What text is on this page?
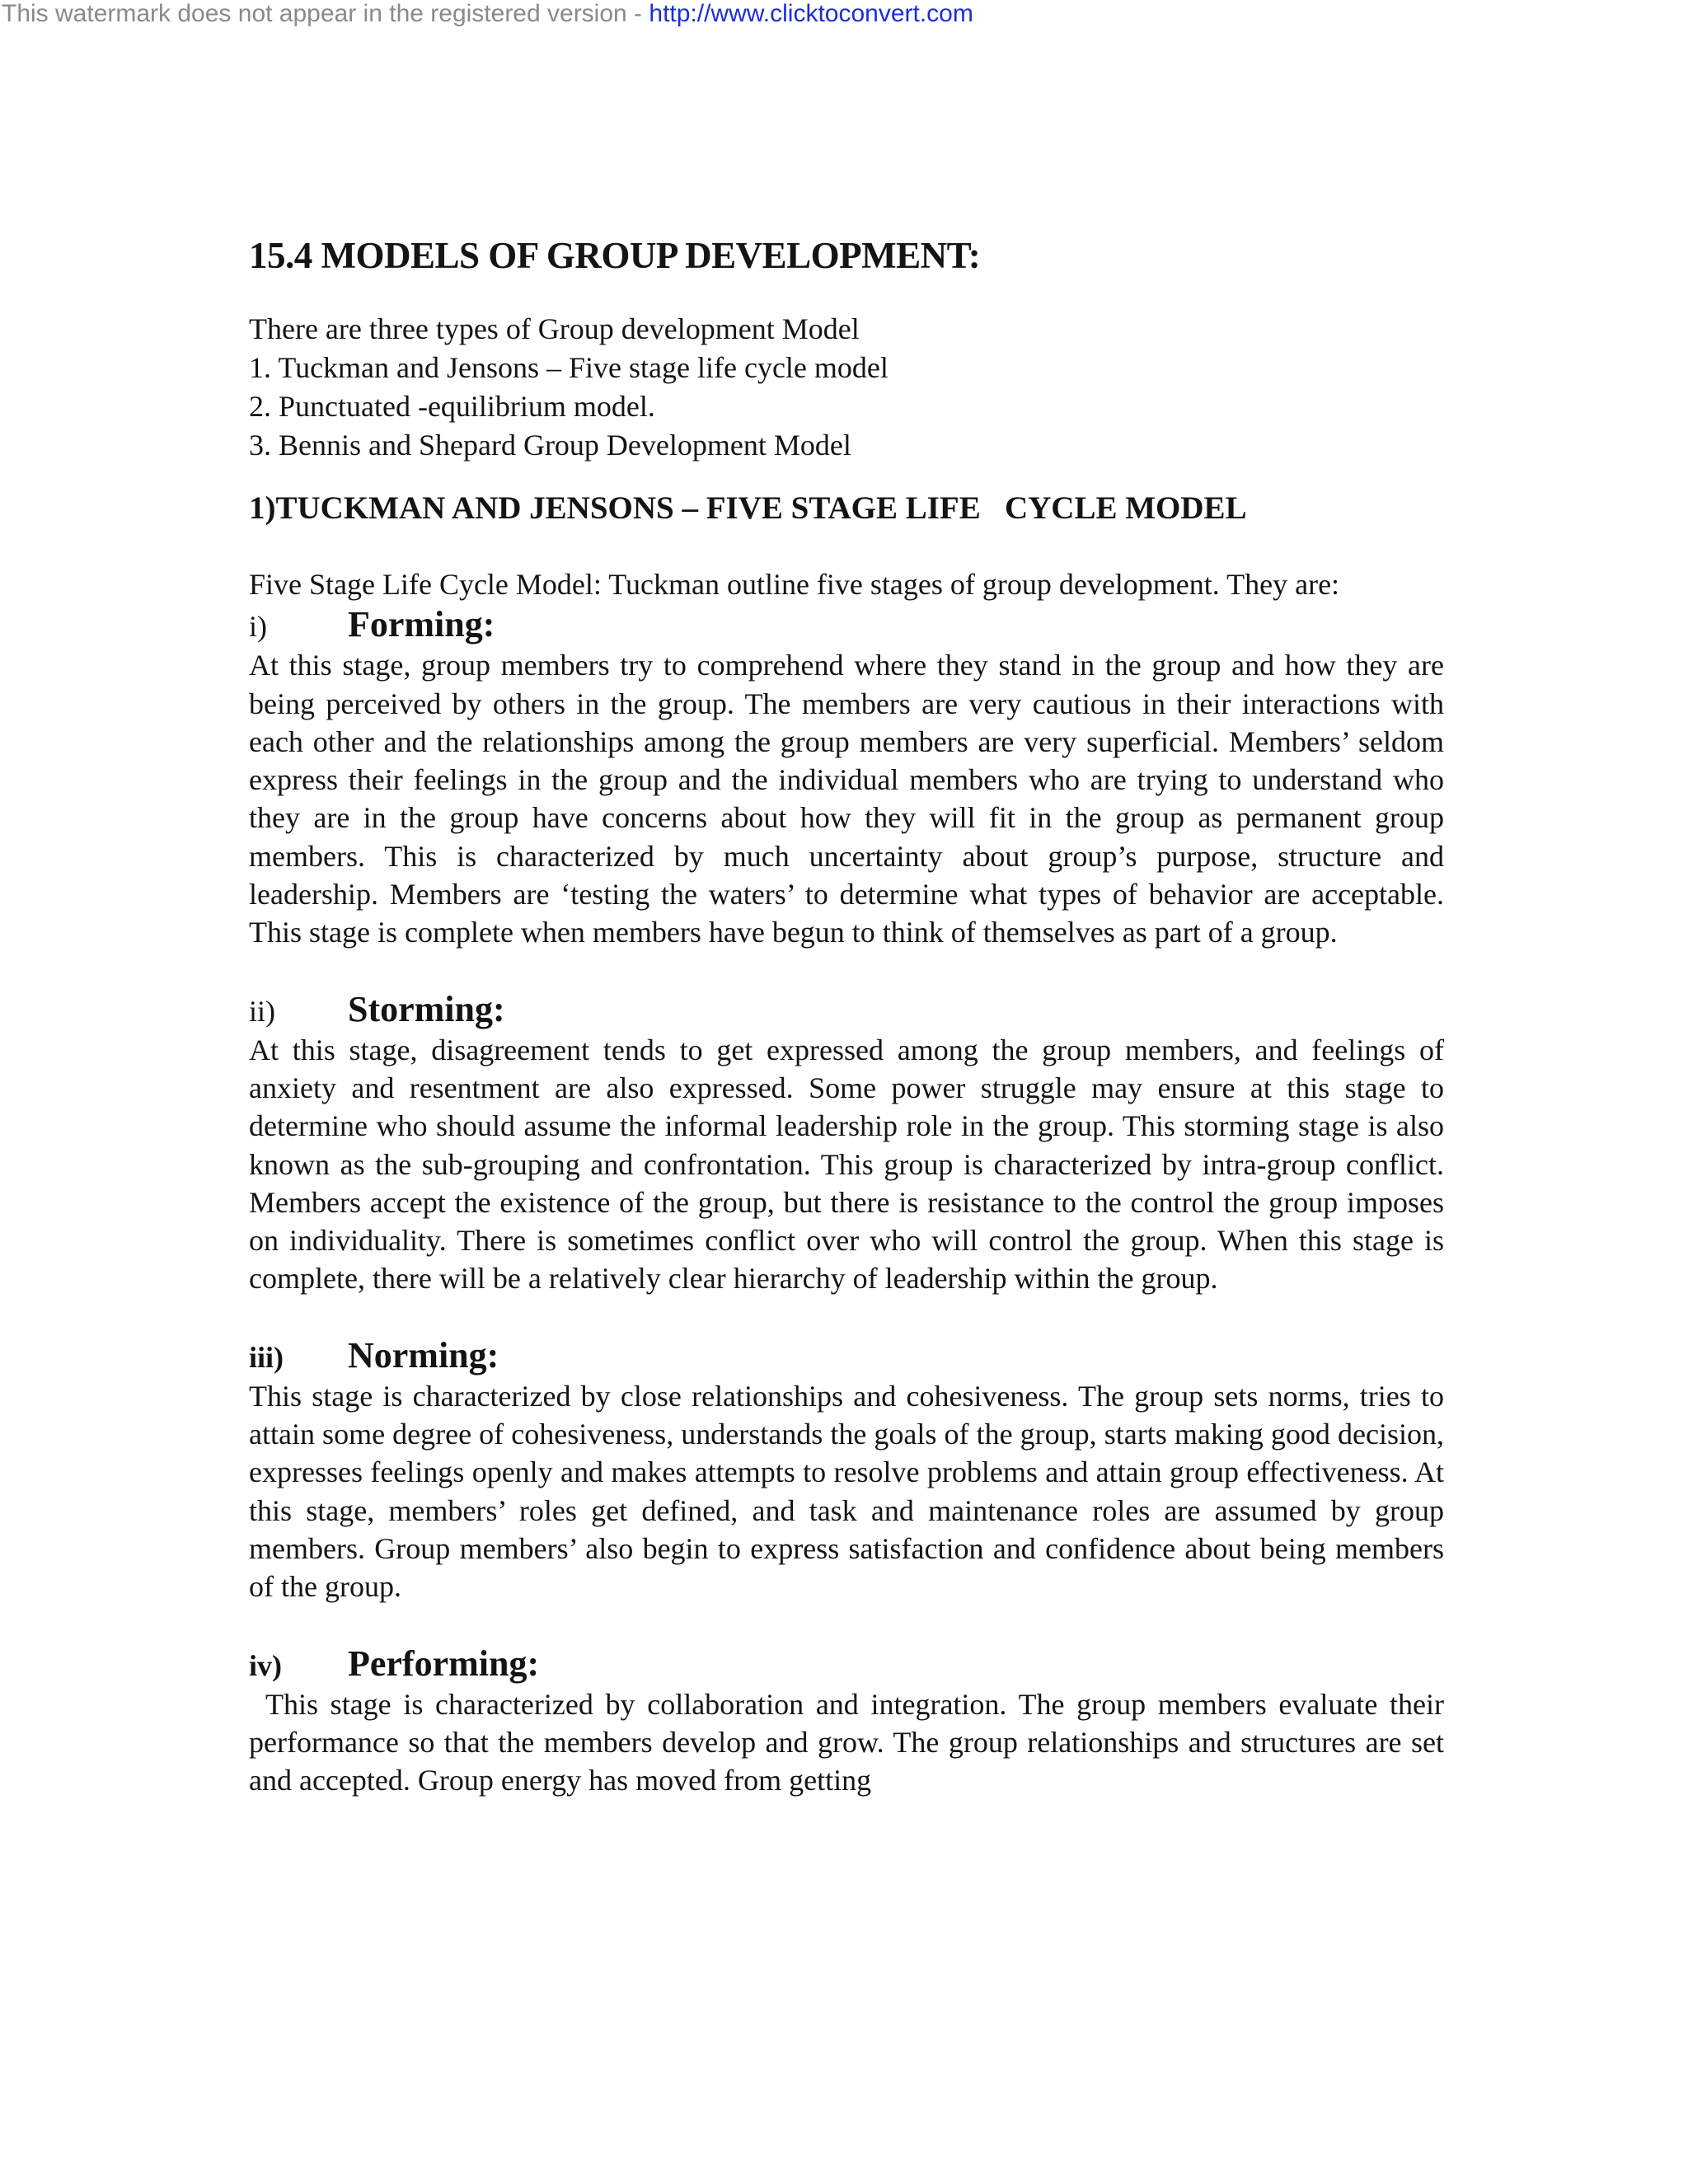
This watermark does not appear in the registered version - http://www.clicktoconvert.com
15.4 MODELS OF GROUP DEVELOPMENT:

There are three types of Group development Model

1. Tuckman and Jensons – Five stage life cycle model
2. Punctuated -equilibrium model.
3. Bennis and Shepard Group Development Model
1)TUCKMAN AND JENSONS – FIVE STAGE LIFE   CYCLE MODEL

Five Stage Life Cycle Model: Tuckman outline five stages of group development. They are:

i)	Forming:

At this stage, group members try to comprehend where they stand in the group and how they are being perceived by others in the group. The members are very cautious in their interactions with each other and the relationships among the group members are very superficial. Members’ seldom express their feelings in the group and the individual members who are trying to understand who they are in the group have concerns about how they will fit in the group as permanent group members. This is characterized by much uncertainty about group’s purpose, structure and leadership. Members are ‘testing the waters’ to determine what types of behavior are acceptable. This stage is complete when members have begun to think of themselves as part of a group.

ii)	Storming:

At this stage, disagreement tends to get expressed among the group members, and feelings of anxiety and resentment are also expressed. Some power struggle may ensure at this stage to determine who should assume the informal leadership role in the group. This storming stage is also known as the sub-grouping and confrontation. This group is characterized by intra-group conflict. Members accept the existence of the group, but there is resistance to the control the group imposes on individuality. There is sometimes conflict over who will control the group. When this stage is complete, there will be a relatively clear hierarchy of leadership within the group.

iii)	Norming:

This stage is characterized by close relationships and cohesiveness. The group sets norms, tries to attain some degree of cohesiveness, understands the goals of the group, starts making good decision, expresses feelings openly and makes attempts to resolve problems and attain group effectiveness. At this stage, members’ roles get defined, and task and maintenance roles are assumed by group members. Group members’ also begin to express satisfaction and confidence about being members of the group.

iv)	Performing:

This stage is characterized by collaboration and integration. The group members evaluate their performance so that the members develop and grow. The group relationships and structures are set and accepted. Group energy has moved from getting
